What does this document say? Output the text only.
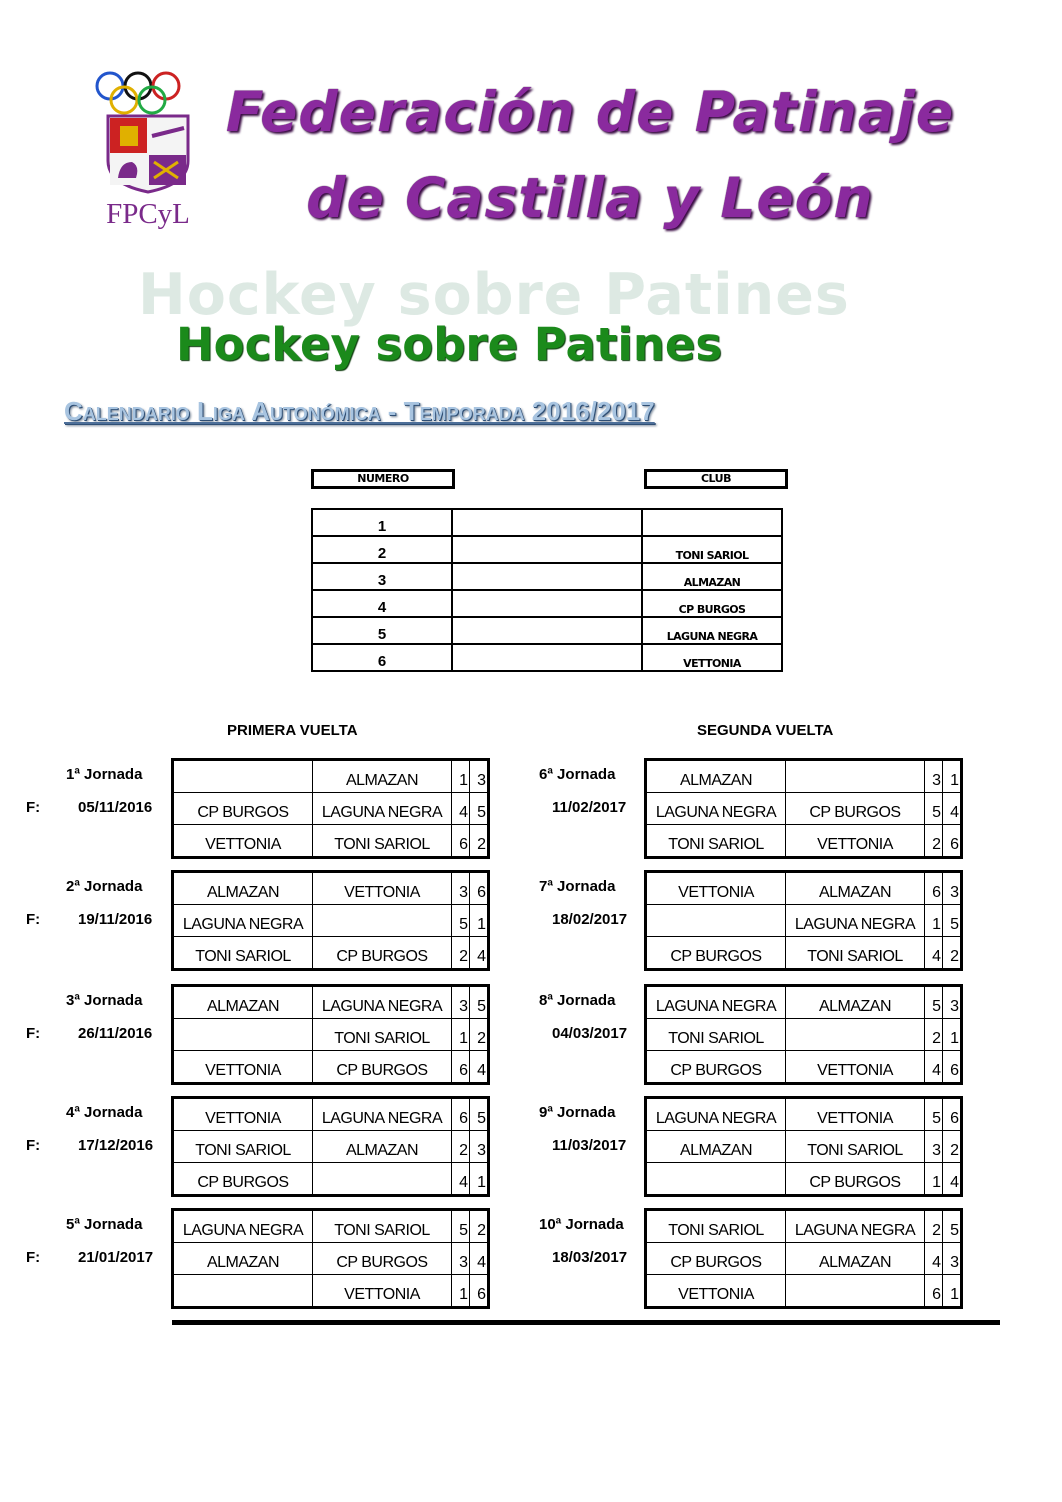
FPCyL
Federación de Patinaje
de Castilla y León
Hockey sobre Patines
Hockey sobre Patines
Calendario Liga Autonómica - Temporada 2016/2017
NUMERO	CLUB
1		
2		TONI SARIOL
3		ALMAZAN
4		CP BURGOS
5		LAGUNA NEGRA
6		VETTONIA
PRIMERA VUELTA	SEGUNDA VUELTA
1ª Jornada
F:	05/11/2016
	ALMAZAN	1	3
CP BURGOS	LAGUNA NEGRA	4	5
VETTONIA	TONI SARIOL	6	2
2ª Jornada
F:	19/11/2016
ALMAZAN	VETTONIA	3	6
LAGUNA NEGRA		5	1
TONI SARIOL	CP BURGOS	2	4
3ª Jornada
F:	26/11/2016
ALMAZAN	LAGUNA NEGRA	3	5
	TONI SARIOL	1	2
VETTONIA	CP BURGOS	6	4
4ª Jornada
F:	17/12/2016
VETTONIA	LAGUNA NEGRA	6	5
TONI SARIOL	ALMAZAN	2	3
CP BURGOS		4	1
5ª Jornada
F:	21/01/2017
LAGUNA NEGRA	TONI SARIOL	5	2
ALMAZAN	CP BURGOS	3	4
	VETTONIA	1	6
6ª Jornada
11/02/2017
ALMAZAN		3	1
LAGUNA NEGRA	CP BURGOS	5	4
TONI SARIOL	VETTONIA	2	6
7ª Jornada
18/02/2017
VETTONIA	ALMAZAN	6	3
	LAGUNA NEGRA	1	5
CP BURGOS	TONI SARIOL	4	2
8ª Jornada
04/03/2017
LAGUNA NEGRA	ALMAZAN	5	3
TONI SARIOL		2	1
CP BURGOS	VETTONIA	4	6
9ª Jornada
11/03/2017
LAGUNA NEGRA	VETTONIA	5	6
ALMAZAN	TONI SARIOL	3	2
	CP BURGOS	1	4
10ª Jornada
18/03/2017
TONI SARIOL	LAGUNA NEGRA	2	5
CP BURGOS	ALMAZAN	4	3
VETTONIA		6	1
